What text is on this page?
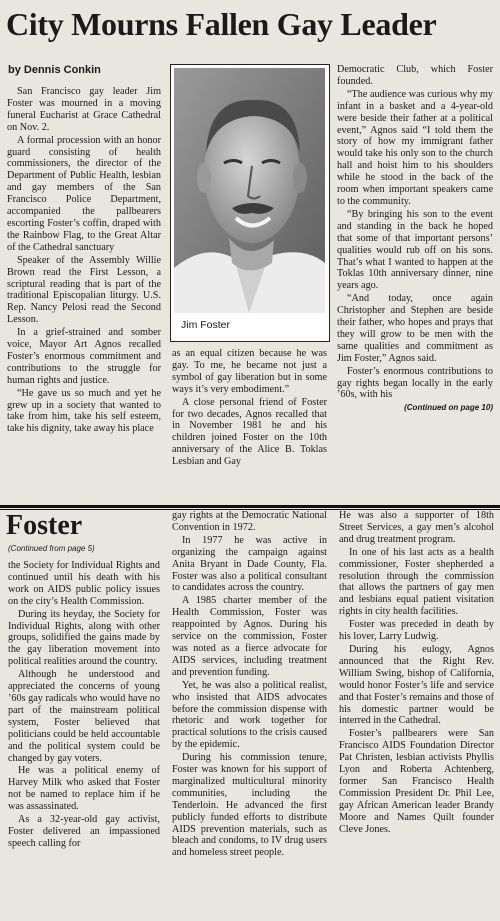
City Mourns Fallen Gay Leader

by Dennis Conkin

San Francisco gay leader Jim Foster was mourned in a moving funeral Eucharist at Grace Cathedral on Nov. 2.

A formal procession with an honor guard consisting of health commissioners, the director of the Department of Public Health, lesbian and gay members of the San Francisco Police Department, accompanied the pallbearers escorting Foster’s coffin, draped with the Rainbow Flag, to the Great Altar of the Cathedral sanctuary

Speaker of the Assembly Willie Brown read the First Lesson, a scriptural reading that is part of the traditional Episcopalian liturgy. U.S. Rep. Nancy Pelosi read the Second Lesson.

In a grief-strained and somber voice, Mayor Art Agnos recalled Foster’s enormous commitment and contributions to the struggle for human rights and justice.

“He gave us so much and yet he grew up in a society that wanted to take from him, take his self esteem, take his dignity, take away his place

Jim Foster

as an equal citizen because he was gay. To me, he became not just a symbol of gay liberation but in some ways it’s very embodiment.”

A close personal friend of Foster for two decades, Agnos recalled that in November 1981 he and his children joined Foster on the 10th anniversary of the Alice B. Toklas Lesbian and Gay

Democratic Club, which Foster founded.

“The audience was curious why my infant in a basket and a 4-year-old were beside their father at a political event,” Agnos said “I told them the story of how my immigrant father would take his only son to the church hall and hoist him to his shoulders while he stood in the back of the room when important speakers came to the community.

“By bringing his son to the event and standing in the back he hoped that some of that important persons’ qualities would rub off on his sons. That’s what I wanted to happen at the Toklas 10th anniversary dinner, nine years ago.

“And today, once again Christopher and Stephen are beside their father, who hopes and prays that they will grow to be men with the same qualities and commitment as Jim Foster,” Agnos said.

Foster’s enormous contributions to gay rights began locally in the early ’60s, with his

(Continued on page 10)

Foster

(Continued from page 5)

the Society for Individual Rights and continued until his death with his work on AIDS public policy issues on the city’s Health Commission.

During its heyday, the Society for Individual Rights, along with other groups, solidified the gains made by the gay liberation movement into political realities around the country.

Although he understood and appreciated the concerns of young ’60s gay radicals who would have no part of the mainstream political system, Foster believed that politicians could be held accountable and the political system could be changed by gay voters.

He was a political enemy of Harvey Milk who asked that Foster not be named to replace him if he was assassinated.

As a 32-year-old gay activist, Foster delivered an impassioned speech calling for

gay rights at the Democratic National Convention in 1972.

In 1977 he was active in organizing the campaign against Anita Bryant in Dade County, Fla. Foster was also a political consultant to candidates across the country.

A 1985 charter member of the Health Commission, Foster was reappointed by Agnos. During his service on the commission, Foster was noted as a fierce advocate for AIDS services, including treatment and prevention funding.

Yet, he was also a political realist, who insisted that AIDS advocates before the commission dispense with rhetoric and work together for practical solutions to the crisis caused by the epidemic.

During his commission tenure, Foster was known for his support of marginalized multicultural minority communities, including the Tenderloin. He advanced the first publicly funded efforts to distribute AIDS prevention materials, such as bleach and condoms, to IV drug users and homeless street people.

He was also a supporter of 18th Street Services, a gay men’s alcohol and drug treatment program.

In one of his last acts as a health commissioner, Foster shepherded a resolution through the commission that allows the partners of gay men and lesbians equal patient visitation rights in city health facilities.

Foster was preceded in death by his lover, Larry Ludwig.

During his eulogy, Agnos announced that the Right Rev. William Swing, bishop of California, would honor Foster’s life and service and that Foster’s remains and those of his domestic partner would be interred in the Cathedral.

Foster’s pallbearers were San Francisco AIDS Foundation Director Pat Christen, lesbian activists Phyllis Lyon and Roberta Achtenberg, former San Francisco Health Commission President Dr. Phil Lee, gay African American leader Brandy Moore and Names Quilt founder Cleve Jones.
